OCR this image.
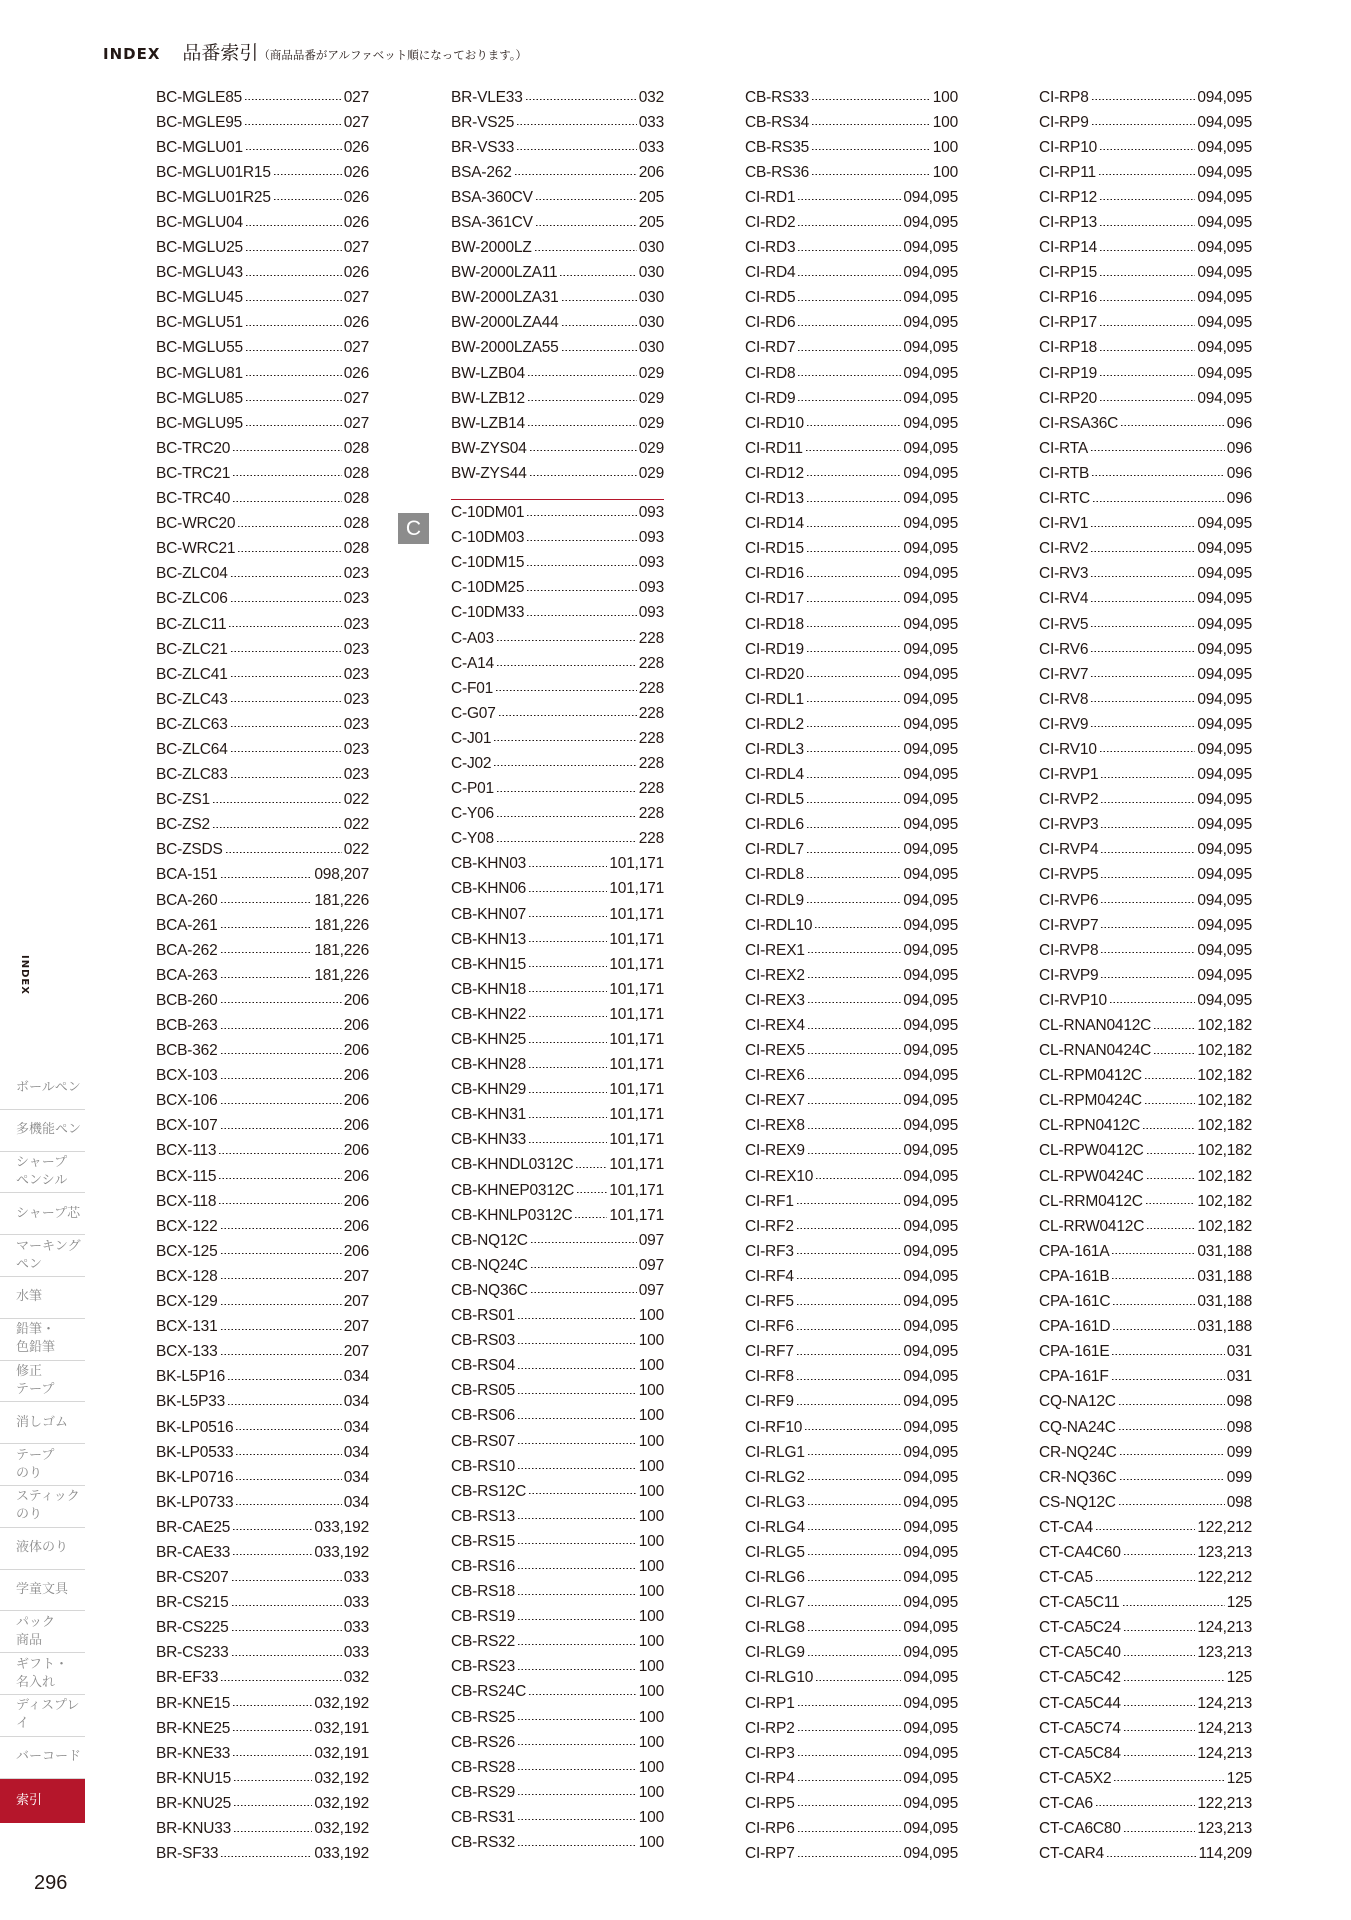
INDEX 品番索引（商品品番がアルファベット順になっております。）
BC-MGLE85	027
BC-MGLE95	027
BC-MGLU01	026
BC-MGLU01R15	026
BC-MGLU01R25	026
BC-MGLU04	026
BC-MGLU25	027
BC-MGLU43	026
BC-MGLU45	027
BC-MGLU51	026
BC-MGLU55	027
BC-MGLU81	026
BC-MGLU85	027
BC-MGLU95	027
BC-TRC20	028
BC-TRC21	028
BC-TRC40	028
BC-WRC20	028
BC-WRC21	028
BC-ZLC04	023
BC-ZLC06	023
BC-ZLC11	023
BC-ZLC21	023
BC-ZLC41	023
BC-ZLC43	023
BC-ZLC63	023
BC-ZLC64	023
BC-ZLC83	023
BC-ZS1	022
BC-ZS2	022
BC-ZSDS	022
BCA-151	098,207
BCA-260	181,226
BCA-261	181,226
BCA-262	181,226
BCA-263	181,226
BCB-260	206
BCB-263	206
BCB-362	206
BCX-103	206
BCX-106	206
BCX-107	206
BCX-113	206
BCX-115	206
BCX-118	206
BCX-122	206
BCX-125	206
BCX-128	207
BCX-129	207
BCX-131	207
BCX-133	207
BK-L5P16	034
BK-L5P33	034
BK-LP0516	034
BK-LP0533	034
BK-LP0716	034
BK-LP0733	034
BR-CAE25	033,192
BR-CAE33	033,192
BR-CS207	033
BR-CS215	033
BR-CS225	033
BR-CS233	033
BR-EF33	032
BR-KNE15	032,192
BR-KNE25	032,191
BR-KNE33	032,191
BR-KNU15	032,192
BR-KNU25	032,192
BR-KNU33	032,192
BR-SF33	033,192
BR-VLE33	032
BR-VS25	033
BR-VS33	033
BSA-262	206
BSA-360CV	205
BSA-361CV	205
BW-2000LZ	030
BW-2000LZA11	030
BW-2000LZA31	030
BW-2000LZA44	030
BW-2000LZA55	030
BW-LZB04	029
BW-LZB12	029
BW-LZB14	029
BW-ZYS04	029
BW-ZYS44	029
C-10DM01	093
C-10DM03	093
C-10DM15	093
C-10DM25	093
C-10DM33	093
C-A03	228
C-A14	228
C-F01	228
C-G07	228
C-J01	228
C-J02	228
C-P01	228
C-Y06	228
C-Y08	228
CB-KHN03	101,171
CB-KHN06	101,171
CB-KHN07	101,171
CB-KHN13	101,171
CB-KHN15	101,171
CB-KHN18	101,171
CB-KHN22	101,171
CB-KHN25	101,171
CB-KHN28	101,171
CB-KHN29	101,171
CB-KHN31	101,171
CB-KHN33	101,171
CB-KHNDL0312C 101,171
CB-KHNEP0312C 101,171
CB-KHNLP0312C 101,171
CB-NQ12C	097
CB-NQ24C	097
CB-NQ36C	097
CB-RS01	100
CB-RS03	100
CB-RS04	100
CB-RS05	100
CB-RS06	100
CB-RS07	100
CB-RS10	100
CB-RS12C	100
CB-RS13	100
CB-RS15	100
CB-RS16	100
CB-RS18	100
CB-RS19	100
CB-RS22	100
CB-RS23	100
CB-RS24C	100
CB-RS25	100
CB-RS26	100
CB-RS28	100
CB-RS29	100
CB-RS31	100
CB-RS32	100
CB-RS33	100
CB-RS34	100
CB-RS35	100
CB-RS36	100
CI-RD1	094,095
CI-RD2	094,095
CI-RD3	094,095
CI-RD4	094,095
CI-RD5	094,095
CI-RD6	094,095
CI-RD7	094,095
CI-RD8	094,095
CI-RD9	094,095
CI-RD10	094,095
CI-RD11	094,095
CI-RD12	094,095
CI-RD13	094,095
CI-RD14	094,095
CI-RD15	094,095
CI-RD16	094,095
CI-RD17	094,095
CI-RD18	094,095
CI-RD19	094,095
CI-RD20	094,095
CI-RDL1	094,095
CI-RDL2	094,095
CI-RDL3	094,095
CI-RDL4	094,095
CI-RDL5	094,095
CI-RDL6	094,095
CI-RDL7	094,095
CI-RDL8	094,095
CI-RDL9	094,095
CI-RDL10	094,095
CI-REX1	094,095
CI-REX2	094,095
CI-REX3	094,095
CI-REX4	094,095
CI-REX5	094,095
CI-REX6	094,095
CI-REX7	094,095
CI-REX8	094,095
CI-REX9	094,095
CI-REX10	094,095
CI-RF1	094,095
CI-RF2	094,095
CI-RF3	094,095
CI-RF4	094,095
CI-RF5	094,095
CI-RF6	094,095
CI-RF7	094,095
CI-RF8	094,095
CI-RF9	094,095
CI-RF10	094,095
CI-RLG1	094,095
CI-RLG2	094,095
CI-RLG3	094,095
CI-RLG4	094,095
CI-RLG5	094,095
CI-RLG6	094,095
CI-RLG7	094,095
CI-RLG8	094,095
CI-RLG9	094,095
CI-RLG10	094,095
CI-RP1	094,095
CI-RP2	094,095
CI-RP3	094,095
CI-RP4	094,095
CI-RP5	094,095
CI-RP6	094,095
CI-RP7	094,095
CI-RP8	094,095
CI-RP9	094,095
CI-RP10	094,095
CI-RP11	094,095
CI-RP12	094,095
CI-RP13	094,095
CI-RP14	094,095
CI-RP15	094,095
CI-RP16	094,095
CI-RP17	094,095
CI-RP18	094,095
CI-RP19	094,095
CI-RP20	094,095
CI-RSA36C	096
CI-RTA	096
CI-RTB	096
CI-RTC	096
CI-RV1	094,095
CI-RV2	094,095
CI-RV3	094,095
CI-RV4	094,095
CI-RV5	094,095
CI-RV6	094,095
CI-RV7	094,095
CI-RV8	094,095
CI-RV9	094,095
CI-RV10	094,095
CI-RVP1	094,095
CI-RVP2	094,095
CI-RVP3	094,095
CI-RVP4	094,095
CI-RVP5	094,095
CI-RVP6	094,095
CI-RVP7	094,095
CI-RVP8	094,095
CI-RVP9	094,095
CI-RVP10	094,095
CL-RNAN0412C	102,182
CL-RNAN0424C	102,182
CL-RPM0412C	102,182
CL-RPM0424C	102,182
CL-RPN0412C	102,182
CL-RPW0412C	102,182
CL-RPW0424C	102,182
CL-RRM0412C	102,182
CL-RRW0412C	102,182
CPA-161A	031,188
CPA-161B	031,188
CPA-161C	031,188
CPA-161D	031,188
CPA-161E	031
CPA-161F	031
CQ-NA12C	098
CQ-NA24C	098
CR-NQ24C	099
CR-NQ36C	099
CS-NQ12C	098
CT-CA4	122,212
CT-CA4C60	123,213
CT-CA5	122,212
CT-CA5C11	125
CT-CA5C24	124,213
CT-CA5C40	123,213
CT-CA5C42	125
CT-CA5C44	124,213
CT-CA5C74	124,213
CT-CA5C84	124,213
CT-CA5X2	125
CT-CA6	122,213
CT-CA6C80	123,213
CT-CAR4	114,209
C
INDEX
ボールペン
多機能ペン
シャープ
ペンシル
シャープ芯
マーキング
ペン
水筆
鉛筆・
色鉛筆
修正
テープ
消しゴム
テープ
のり
スティック
のり
液体のり
学童文具
パック
商品
ギフト・
名入れ
ディスプレイ
バーコード
索引
296
